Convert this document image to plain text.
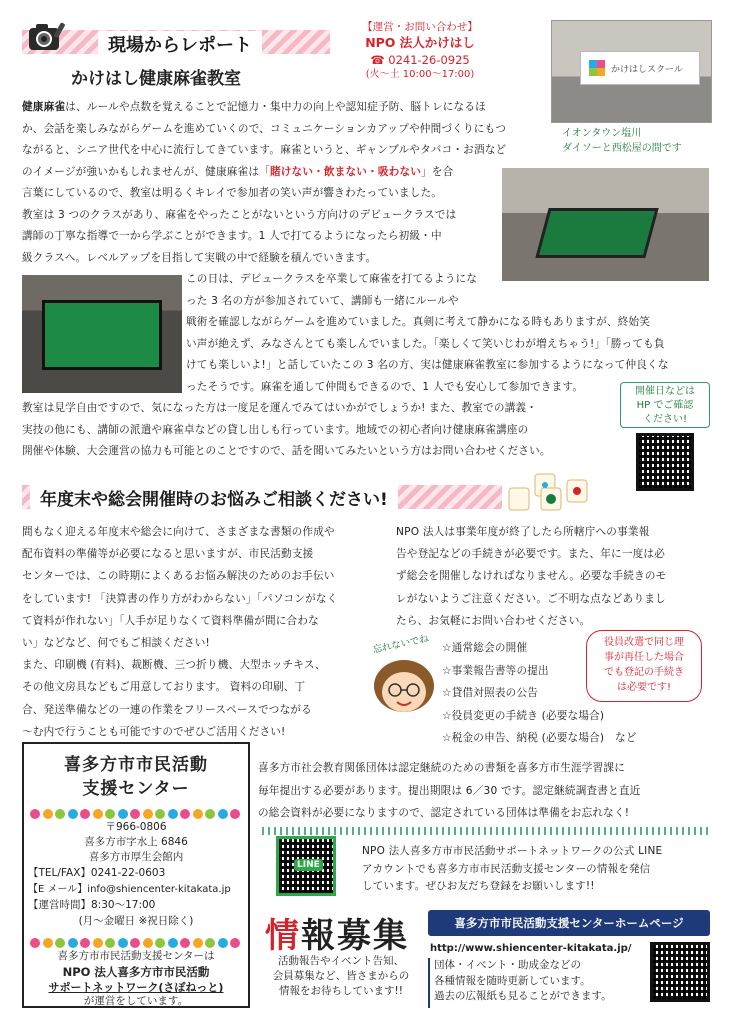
現場からレポート
かけはし健康麻雀教室
【運営・お問い合わせ】
NPO 法人かけはし
☎ 0241-26-0925
(火～土 10:00～17:00)	かけはしスクール
イオンタウン塩川
ダイソーと西松屋の間です

健康麻雀は、ルールや点数を覚えることで記憶力・集中力の向上や認知症予防、脳トレになるほ

か、会話を楽しみながらゲームを進めていくので、コミュニケーションカアップや仲間づくりにもつ

ながると、シニア世代を中心に流行してきています。麻雀というと、ギャンブルやタバコ・お酒など

のイメージが強いかもしれませんが、健康麻雀は「賭けない・飲まない・吸わない」を合

言葉にしているので、教室は明るくキレイで参加者の笑い声が響きわたっていました。

教室は 3 つのクラスがあり、麻雀をやったことがないという方向けのデビュークラスでは

講師の丁寧な指導で一から学ぶことができます。1 人で打てるようになったら初級・中

級クラスへ。レベルアップを目指して実戦の中で経験を積んでいきます。

この日は、デビュークラスを卒業して麻雀を打てるようにな

った 3 名の方が参加されていて、講師も一緒にルールや

戦術を確認しながらゲームを進めていました。真剣に考えて静かになる時もありますが、終始笑

い声が絶えず、みなさんとても楽しんでいました。「楽しくて笑いじわが増えちゃう!」「勝っても負

けても楽しいよ!」と話していたこの 3 名の方、実は健康麻雀教室に参加するようになって仲良くな

ったそうです。麻雀を通して仲間もできるので、1 人でも安心して参加できます。

教室は見学自由ですので、気になった方は一度足を運んでみてはいかがでしょうか! また、教室での講義・

実技の他にも、講師の派遣や麻雀卓などの貸し出しも行っています。地域での初心者向け健康麻雀講座の

開催や体験、大会運営の協力も可能とのことですので、話を聞いてみたいという方はお問い合わせください。

開催日などは
HP でご確認
ください!
年度末や総会開催時のお悩みご相談ください!

間もなく迎える年度末や総会に向けて、さまざまな書類の作成や

配布資料の準備等が必要になると思いますが、市民活動支援

センターでは、この時期によくあるお悩み解決のためのお手伝い

をしています! 「決算書の作り方がわからない」「パソコンがなく

て資料が作れない」「人手が足りなくて資料準備が間に合わな

い」などなど、何でもご相談ください!

また、印刷機 (有料)、裁断機、三つ折り機、大型ホッチキス、

その他文房具などもご用意しております。 資料の印刷、丁

合、発送準備などの一連の作業をフリースペースでつながる

～む内で行うことも可能ですのでぜひご活用ください!

NPO 法人は事業年度が終了したら所轄庁への事業報

告や登記などの手続きが必要です。また、年に一度は必

ず総会を開催しなければなりません。必要な手続きのモ

レがないようご注意ください。ご不明な点などありまし

たら、お気軽にお問い合わせください。

忘れないでね ☆通常総会の開催

☆事業報告書等の提出

☆貸借対照表の公告

☆役員変更の手続き (必要な場合)

☆税金の申告、納税 (必要な場合)　など

役員改選で同じ理
事が再任した場合
でも登記の手続き
は必要です!
喜多方市市民活動
支援センター
〒966-0806
喜多方市字水上 6846
喜多方市厚生会館内
【TEL/FAX】0241-22-0603
【E メール】info@shiencenter-kitakata.jp
【運営時間】8:30～17:00
(月～金曜日 ※祝日除く)
喜多方市市民活動支援センターは
NPO 法人喜多方市市民活動
サポートネットワーク(さぽねっと)
が運営をしています。

喜多方市社会教育関係団体は認定継続のための書類を喜多方市生涯学習課に

毎年提出する必要があります。提出期限は 6／30 です。認定継続調査書と直近

の総会資料が必要になりますので、認定されている団体は準備をお忘れなく!

LINE

NPO 法人喜多方市市民活動サポートネットワークの公式 LINE

アカウントでも喜多方市市民活動支援センターの情報を発信

しています。ぜひお友だち登録をお願いします!!

情報募集

活動報告やイベント告知、

会員募集など、皆さまからの

情報をお待ちしています!!

喜多方市市民活動支援センターホームページ
http://www.shiencenter-kitakata.jp/

団体・イベント・助成金などの

各種情報を随時更新しています。

過去の広報紙も見ることができます。
